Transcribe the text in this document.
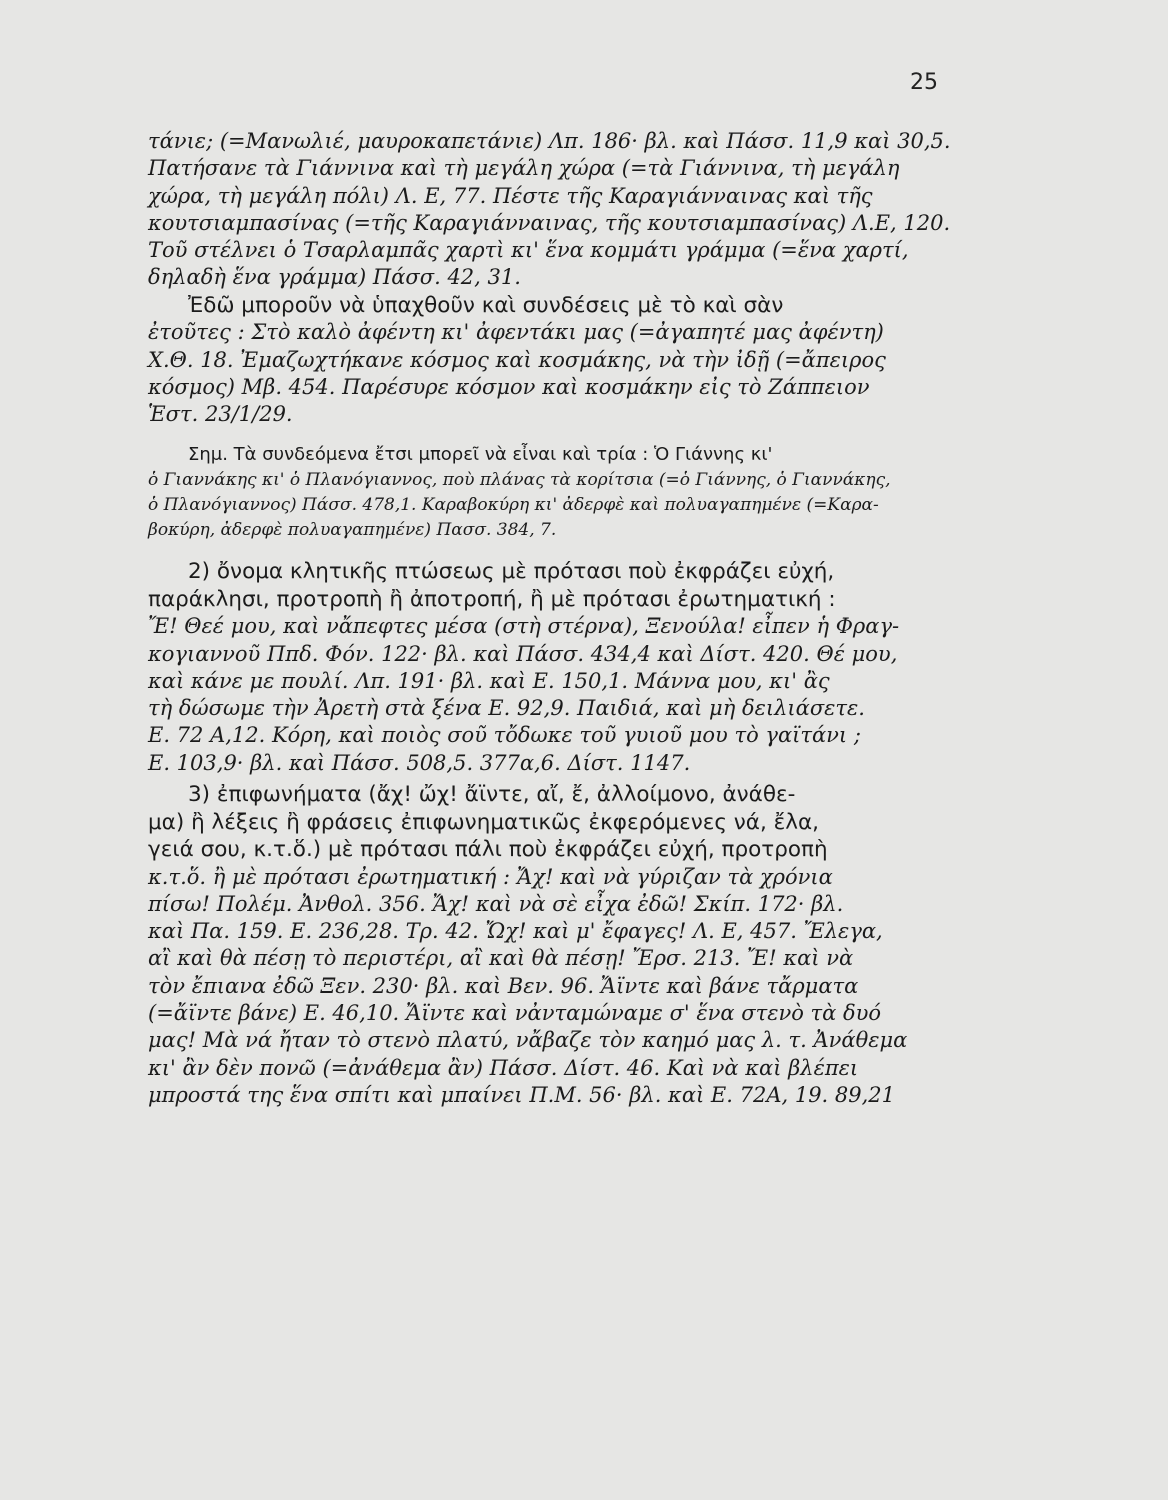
25
τάνιε; (=Μανωλιέ, μαυροκαπετάνιε) Λπ. 186· βλ. καὶ Πάσσ. 11,9 καὶ 30,5.
Πατήσανε τὰ Γιάννινα καὶ τὴ μεγάλη χώρα (=τὰ Γιάννινα, τὴ μεγάλη
χώρα, τὴ μεγάλη πόλι) Λ. Ε, 77. Πέστε τῆς Καραγιάνναινας καὶ τῆς
κουτσιαμπασίνας (=τῆς Καραγιάνναινας, τῆς κουτσιαμπασίνας) Λ.Ε, 120.
Τοῦ στέλνει ὁ Τσαρλαμπᾶς χαρτὶ κι' ἕνα κομμάτι γράμμα (=ἕνα χαρτί,
δηλαδὴ ἕνα γράμμα) Πάσσ. 42, 31.
Ἐδῶ μποροῦν νὰ ὑπαχθοῦν καὶ συνδέσεις μὲ τὸ καὶ σὰν
ἐτοῦτες : Στὸ καλὸ ἀφέντη κι' ἀφεντάκι μας (=ἀγαπητέ μας ἀφέντη)
Χ.Θ. 18. Ἐμαζωχτήκανε κόσμος καὶ κοσμάκης, νὰ τὴν ἰδῇ (=ἄπειρος
κόσμος) Μβ. 454. Παρέσυρε κόσμον καὶ κοσμάκην εἰς τὸ Ζάππειον
Ἑστ. 23/1/29.
Σημ. Τὰ συνδεόμενα ἔτσι μπορεῖ νὰ εἶναι καὶ τρία : Ὁ Γιάννης κι'
ὁ Γιαννάκης κι' ὁ Πλανόγιαννος, ποὺ πλάνας τὰ κορίτσια (=ὁ Γιάννης, ὁ Γιαννάκης,
ὁ Πλανόγιαννος) Πάσσ. 478,1. Καραβοκύρη κι' ἀδερφὲ καὶ πολυαγαπημένε (=Καρα-
βοκύρη, ἀδερφὲ πολυαγαπημένε) Πασσ. 384, 7.
2) ὄνομα κλητικῆς πτώσεως μὲ πρότασι ποὺ ἐκφράζει εὐχή,
παράκλησι, προτροπὴ ἢ ἀποτροπή, ἢ μὲ πρότασι ἐρωτηματική :
Ἔ! Θεέ μου, καὶ νἄπεφτες μέσα (στὴ στέρνα), Ξενούλα! εἶπεν ἡ Φραγ-
κογιαννοῦ Ππδ. Φόν. 122· βλ. καὶ Πάσσ. 434,4 καὶ Δίστ. 420. Θέ μου,
καὶ κάνε με πουλί. Λπ. 191· βλ. καὶ Ε. 150,1. Μάννα μου, κι' ἂς
τὴ δώσωμε τὴν Ἀρετὴ στὰ ξένα Ε. 92,9. Παιδιά, καὶ μὴ δειλιάσετε.
Ε. 72 Α,12. Κόρη, καὶ ποιὸς σοῦ τὄδωκε τοῦ γυιοῦ μου τὸ γαϊτάνι ;
Ε. 103,9· βλ. καὶ Πάσσ. 508,5. 377α,6. Δίστ. 1147.
3) ἐπιφωνήματα (ἄχ! ὤχ! ἄϊντε, αἴ, ἔ, ἀλλοίμονο, ἀνάθε-
μα) ἢ λέξεις ἢ φράσεις ἐπιφωνηματικῶς ἐκφερόμενες νά, ἔλα,
γειά σου, κ.τ.ὅ.) μὲ πρότασι πάλι ποὺ ἐκφράζει εὐχή, προτροπὴ
κ.τ.ὅ. ἢ μὲ πρότασι ἐρωτηματική : Ἄχ! καὶ νὰ γύριζαν τὰ χρόνια
πίσω! Πολέμ. Ἀνθολ. 356. Ἄχ! καὶ νὰ σὲ εἶχα ἐδῶ! Σκίπ. 172· βλ.
καὶ Πα. 159. Ε. 236,28. Τρ. 42. Ὤχ! καὶ μ' ἔφαγες! Λ. Ε, 457. Ἔλεγα,
αἲ καὶ θὰ πέσῃ τὸ περιστέρι, αἲ καὶ θὰ πέσῃ! Ἔρσ. 213. Ἔ! καὶ νὰ
τὸν ἔπιανα ἐδῶ Ξεν. 230· βλ. καὶ Βεν. 96. Ἄϊντε καὶ βάνε τἄρματα
(=ἄϊντε βάνε) Ε. 46,10. Ἄϊντε καὶ νἀνταμώναμε σ' ἕνα στενὸ τὰ δυό
μας! Μὰ νά ἤταν τὸ στενὸ πλατύ, νἄβαζε τὸν καημό μας λ. τ. Ἀνάθεμα
κι' ἂν δὲν πονῶ (=ἀνάθεμα ἂν) Πάσσ. Δίστ. 46. Καὶ νὰ καὶ βλέπει
μπροστά της ἕνα σπίτι καὶ μπαίνει Π.Μ. 56· βλ. καὶ Ε. 72Α, 19. 89,21
